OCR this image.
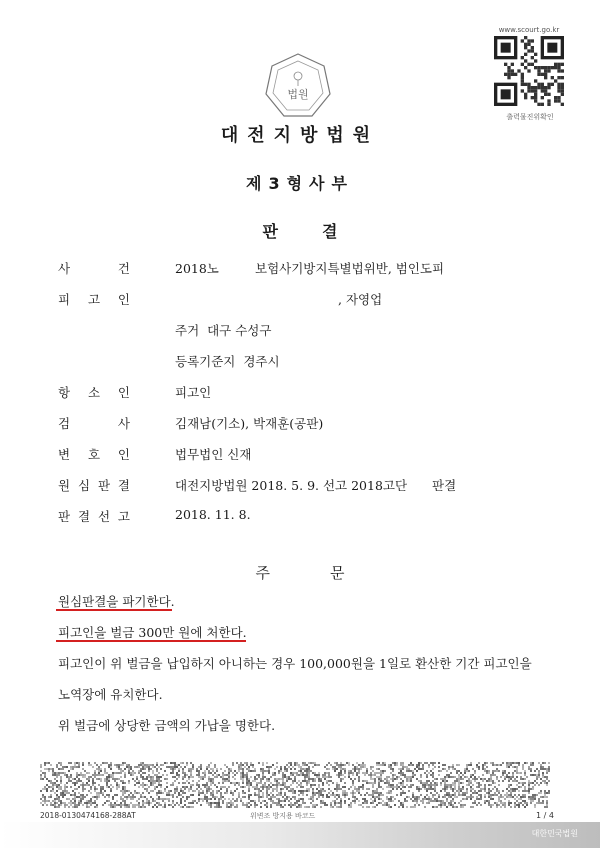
법원
www.scourt.go.kr
출력물진위확인
대전지방법원
제3형사부
판	결
사	건	2018노	보험사기방지특별법위반, 범인도피
피 고 인	, 자영업
주거  대구 수성구
등록기준지  경주시
항 소 인	피고인
검	사	김재남(기소), 박재훈(공판)
변 호 인	법무법인 신재
원 심 판 결	대전지방법원 2018. 5. 9. 선고 2018고단 판결
판 결 선 고	2018. 11. 8.
주	문
원심판결을 파기한다.
피고인을 벌금 300만 원에 처한다.
피고인이 위 벌금을 납입하지 아니하는 경우 100,000원을 1일로 환산한 기간 피고인을
노역장에 유치한다.
위 벌금에 상당한 금액의 가납을 명한다.
2018-0130474168-288AT	위변조 방지용 바코드	1 / 4
대한민국법원
